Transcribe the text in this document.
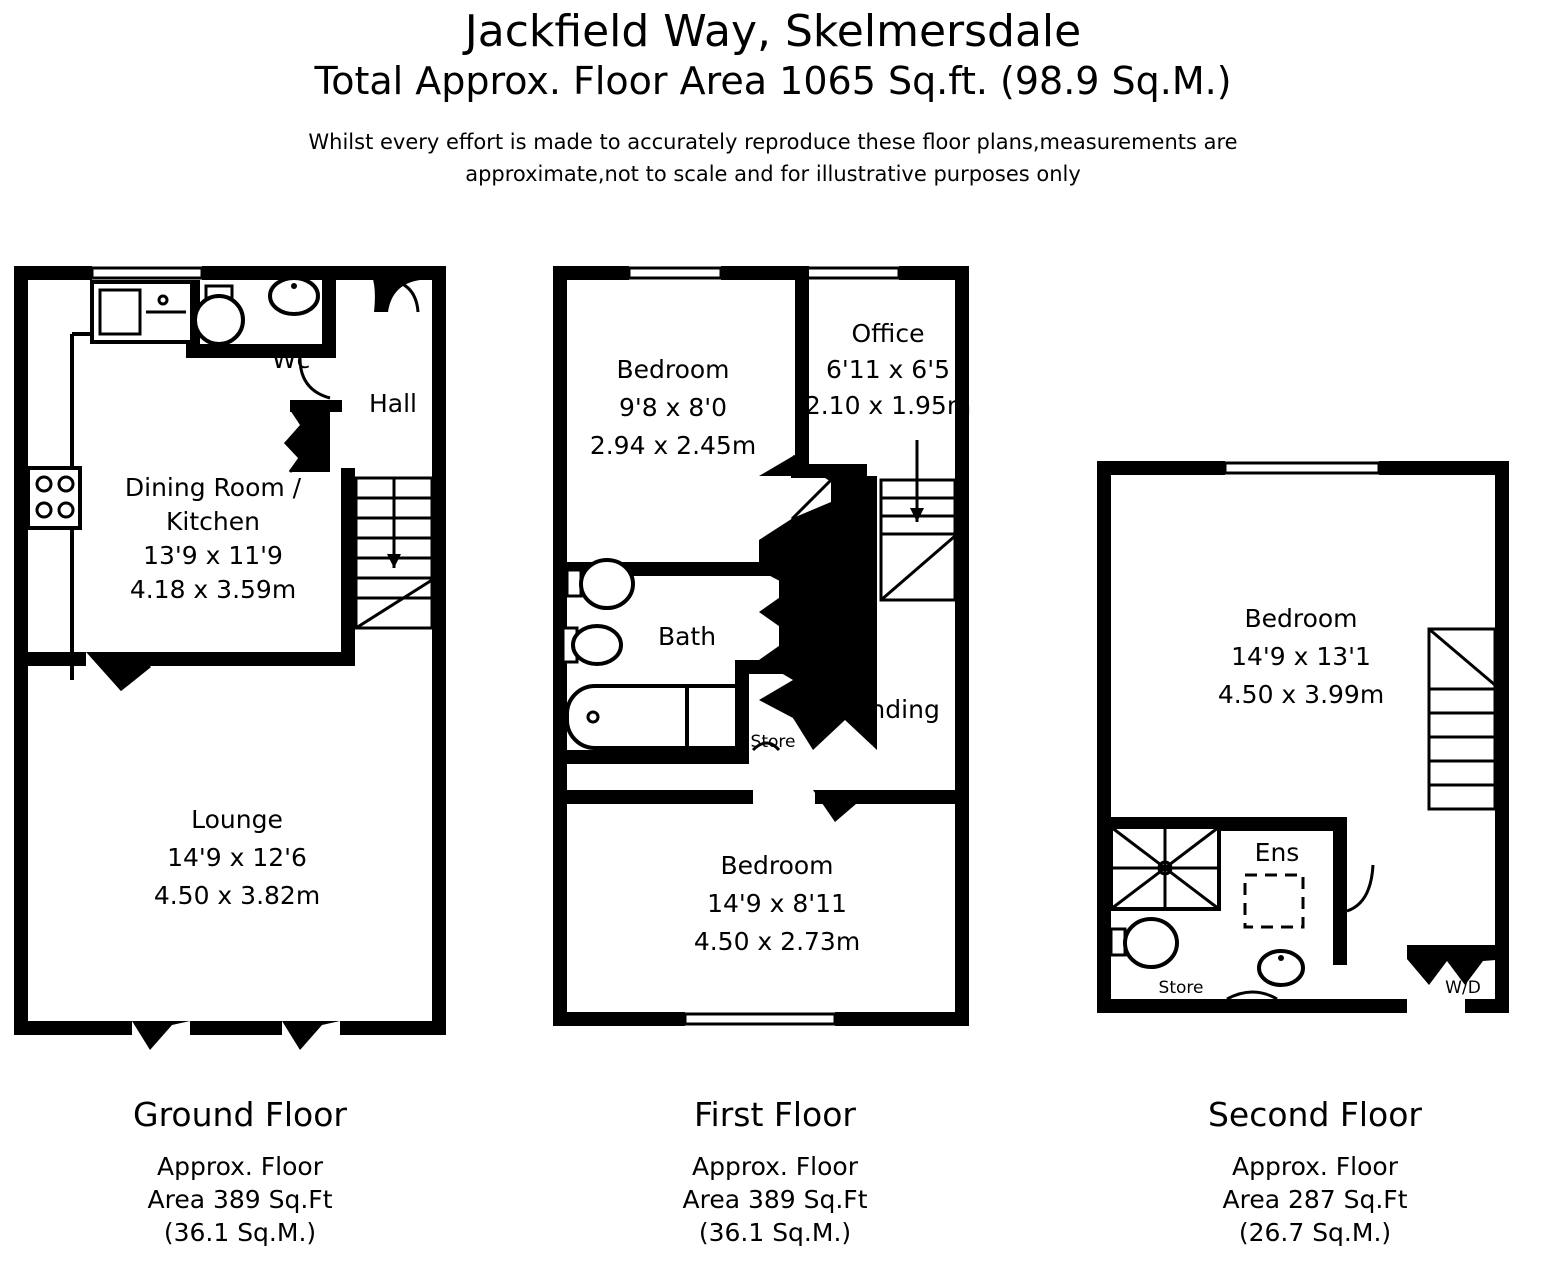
Jackfield Way, Skelmersdale
Total Approx. Floor Area 1065 Sq.ft. (98.9 Sq.M.)
Whilst every effort is made to accurately reproduce these floor plans,measurements are
approximate,not to scale and for illustrative purposes only
Wc
Hall
Dining Room /
Kitchen
13'9 x 11'9
4.18 x 3.59m
Lounge
14'9 x 12'6
4.50 x 3.82m
Bedroom
9'8 x 8'0
2.94 x 2.45m
Office
6'11 x 6'5
2.10 x 1.95m
Bath
Landing
Store
Bedroom
14'9 x 8'11
4.50 x 2.73m
Bedroom
14'9 x 13'1
4.50 x 3.99m
Ens
Store	W/D
Ground Floor
Approx. Floor
Area 389 Sq.Ft
(36.1 Sq.M.)
First Floor
Approx. Floor
Area 389 Sq.Ft
(36.1 Sq.M.)
Second Floor
Approx. Floor
Area 287 Sq.Ft
(26.7 Sq.M.)
